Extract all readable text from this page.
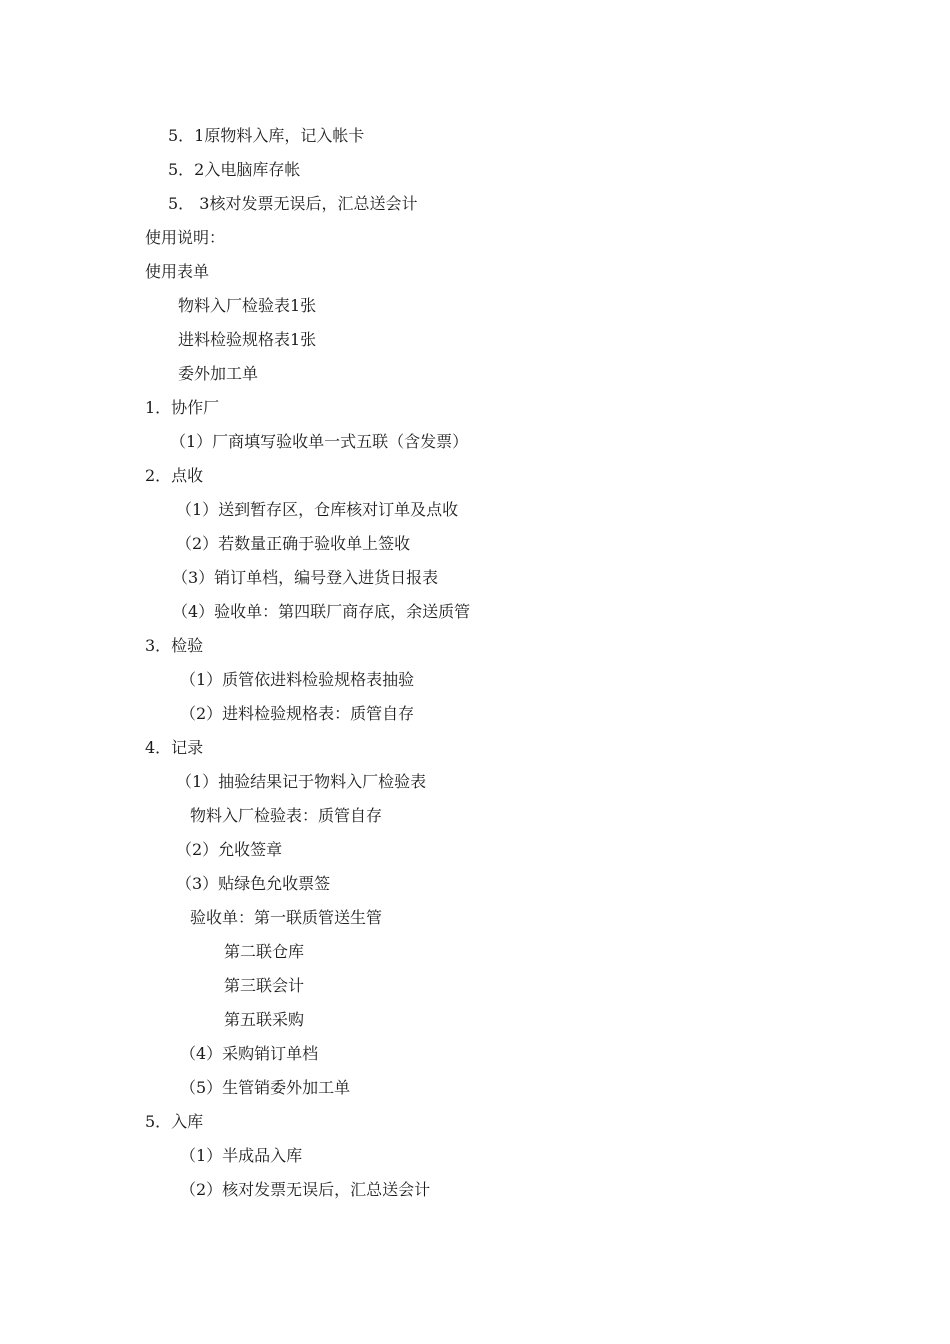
5．1原物料入库，记入帐卡
5．2入电脑库存帐
5． 3核对发票无误后，汇总送会计
使用说明：
使用表单
物料入厂检验表1张
进料检验规格表1张
委外加工单
1．协作厂
（1）厂商填写验收单一式五联（含发票）
2．点收
（1）送到暂存区，仓库核对订单及点收
（2）若数量正确于验收单上签收
（3）销订单档，编号登入进货日报表
（4）验收单：第四联厂商存底，余送质管
3．检验
（1）质管依进料检验规格表抽验
（2）进料检验规格表：质管自存
4．记录
（1）抽验结果记于物料入厂检验表
物料入厂检验表：质管自存
（2）允收签章
（3）贴绿色允收票签
验收单：第一联质管送生管
第二联仓库
第三联会计
第五联采购
（4）采购销订单档
（5）生管销委外加工单
5．入库
（1）半成品入库
（2）核对发票无误后，汇总送会计
